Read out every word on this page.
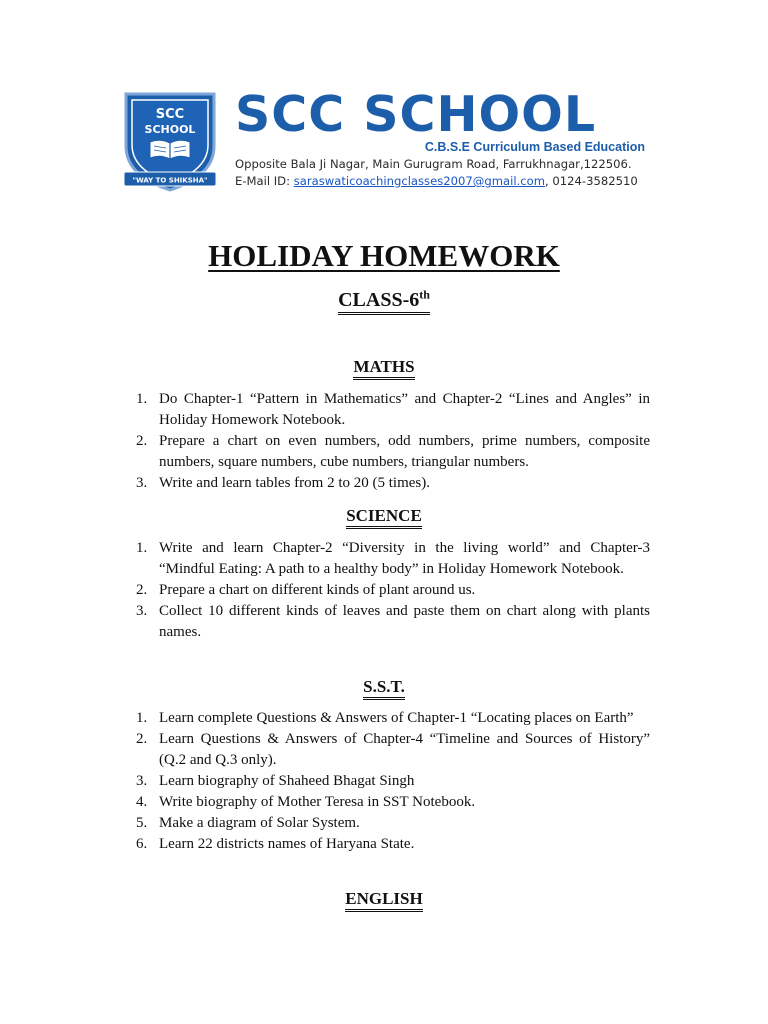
SCC
SCHOOL
"WAY TO SHIKSHA"
SCC SCHOOL
C.B.S.E Curriculum Based Education
Opposite Bala Ji Nagar, Main Gurugram Road, Farrukhnagar,122506.
E-Mail ID: saraswaticoachingclasses2007@gmail.com, 0124-3582510
HOLIDAY HOMEWORK
CLASS-6th
MATHS
1. Do Chapter-1 “Pattern in Mathematics” and Chapter-2 “Lines and Angles” in Holiday Homework Notebook.
2. Prepare a chart on even numbers, odd numbers, prime numbers, composite numbers, square numbers, cube numbers, triangular numbers.
3. Write and learn tables from 2 to 20 (5 times).
SCIENCE
1. Write and learn Chapter-2 “Diversity in the living world” and Chapter-3 “Mindful Eating: A path to a healthy body” in Holiday Homework Notebook.
2. Prepare a chart on different kinds of plant around us.
3. Collect 10 different kinds of leaves and paste them on chart along with plants names.
S.S.T.
1. Learn complete Questions & Answers of Chapter-1 “Locating places on Earth”
2. Learn Questions & Answers of Chapter-4 “Timeline and Sources of History” (Q.2 and Q.3 only).
3. Learn biography of Shaheed Bhagat Singh
4. Write biography of Mother Teresa in SST Notebook.
5. Make a diagram of Solar System.
6. Learn 22 districts names of Haryana State.
ENGLISH
